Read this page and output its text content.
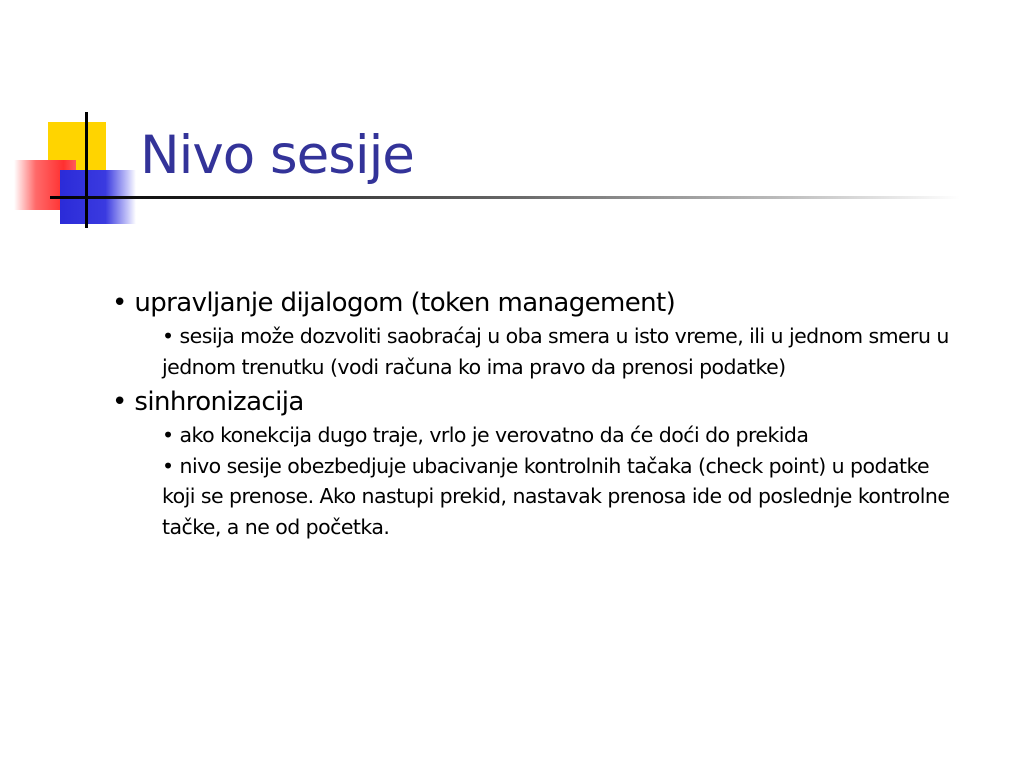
Nivo sesije

• upravljanje dijalogom (token management)

• sesija može dozvoliti saobraćaj u oba smera u isto vreme, ili u jednom smeru u jednom trenutku (vodi računa ko ima pravo da prenosi podatke)

• sinhronizacija

• ako konekcija dugo traje, vrlo je verovatno da će doći do prekida

• nivo sesije obezbedjuje ubacivanje kontrolnih tačaka (check point) u podatke koji se prenose. Ako nastupi prekid, nastavak prenosa ide od poslednje kontrolne tačke, a ne od početka.
